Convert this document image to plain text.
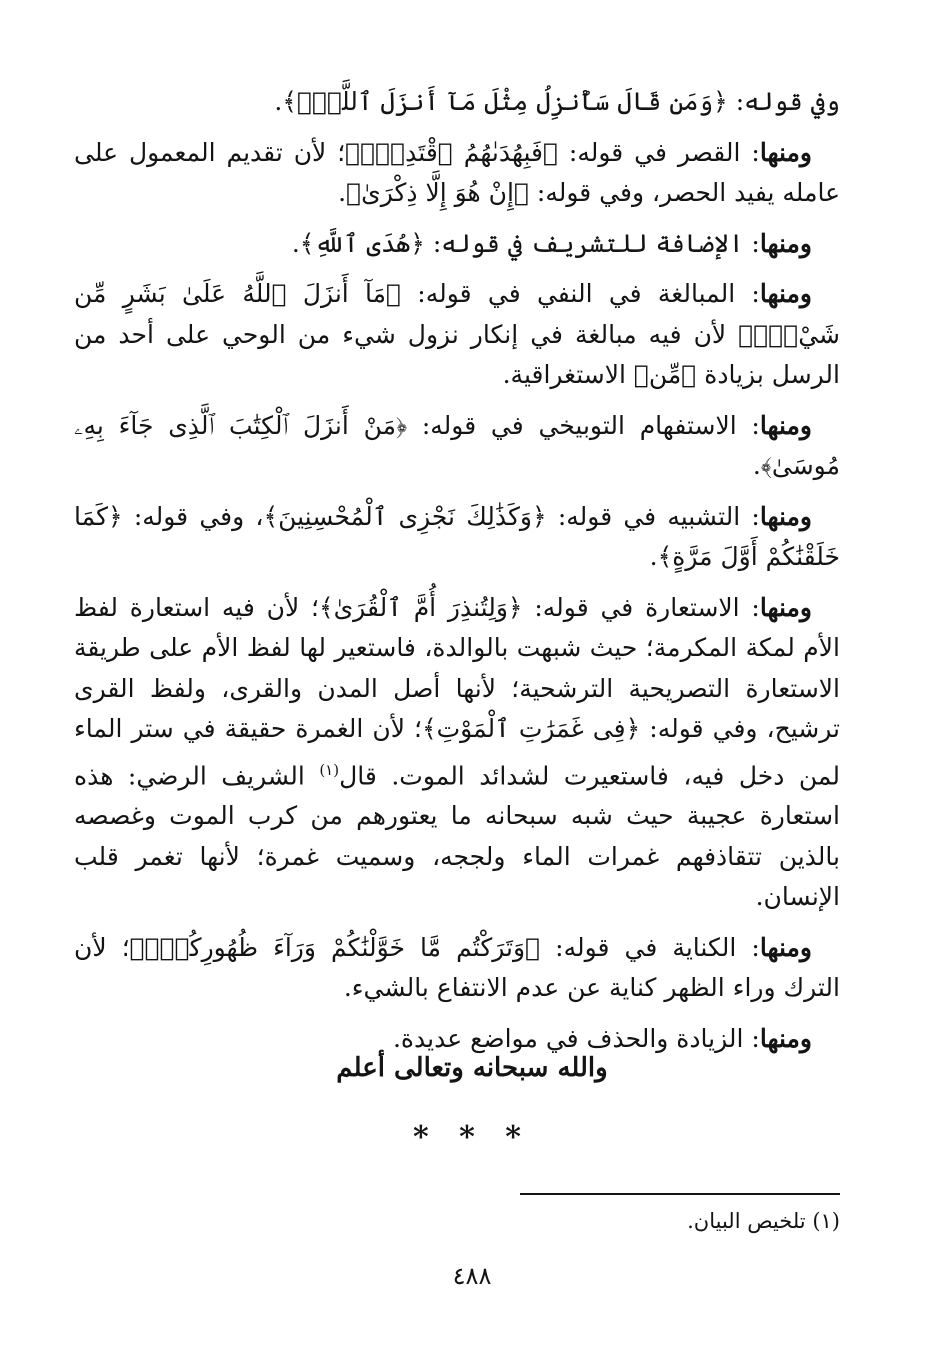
وفي قوله: ﴿وَمَن قَالَ سَأُنزِلُ مِثْلَ مَآ أَنزَلَ ٱللَّهُۗ﴾.

ومنها: القصر في قوله: ﴿فَبِهُدَىٰهُمُ ٱقْتَدِهْۗ﴾؛ لأن تقديم المعمول على عامله يفيد الحصر، وفي قوله: ﴿إِنْ هُوَ إِلَّا ذِكْرَىٰ﴾.

ومنها: الإضافة للتشريف في قوله: ﴿هُدَى ٱللَّهِ﴾.

ومنها: المبالغة في النفي في قوله: ﴿مَآ أَنزَلَ ٱللَّهُ عَلَىٰ بَشَرٍ مِّن شَيْءٍۗ﴾ لأن فيه مبالغة في إنكار نزول شيء من الوحي على أحد من الرسل بزيادة ﴿مِّن﴾ الاستغراقية.

ومنها: الاستفهام التوبيخي في قوله: ﴿مَنْ أَنزَلَ ٱلْكِتَٰبَ ٱلَّذِى جَآءَ بِهِۦ مُوسَىٰ﴾.

ومنها: التشبيه في قوله: ﴿وَكَذَٰلِكَ نَجْزِى ٱلْمُحْسِنِينَ﴾، وفي قوله: ﴿كَمَا خَلَقْنَٰكُمْ أَوَّلَ مَرَّةٍ﴾.

ومنها: الاستعارة في قوله: ﴿وَلِتُنذِرَ أُمَّ ٱلْقُرَىٰ﴾؛ لأن فيه استعارة لفظ الأم لمكة المكرمة؛ حيث شبهت بالوالدة، فاستعير لها لفظ الأم على طريقة الاستعارة التصريحية الترشحية؛ لأنها أصل المدن والقرى، ولفظ القرى ترشيح، وفي قوله: ﴿فِى غَمَرَٰتِ ٱلْمَوْتِ﴾؛ لأن الغمرة حقيقة في ستر الماء لمن دخل فيه، فاستعيرت لشدائد الموت. قال$^{(١)}$ الشريف الرضي: هذه استعارة عجيبة حيث شبه سبحانه ما يعتورهم من كرب الموت وغصصه بالذين تتقاذفهم غمرات الماء ولججه، وسميت غمرة؛ لأنها تغمر قلب الإنسان.

ومنها: الكناية في قوله: ﴿وَتَرَكْتُم مَّا خَوَّلْنَٰكُمْ وَرَآءَ ظُهُورِكُمْۖ﴾؛ لأن الترك وراء الظهر كناية عن عدم الانتفاع بالشيء.

ومنها: الزيادة والحذف في مواضع عديدة.

والله سبحانه وتعالى أعلم
* * *
(١) تلخيص البيان.
٤٨٨
